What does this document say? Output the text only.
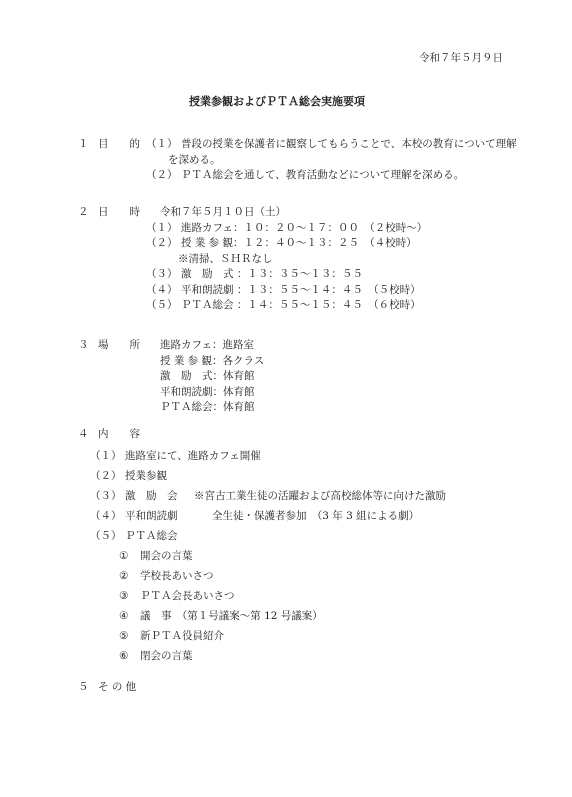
令和７年５月９日
授業参観およびＰＴＡ総会実施要項
１ 目　　的 （１） 普段の授業を保護者に観察してもらうことで、本校の教育について理解
を深める。
（２） ＰＴＡ総会を通して、教育活動などについて理解を深める。
２ 日　　時 令和７年５月１０日（土）
（１） 進路カフェ：１０：２０～１７：００　（２校時～）
（２） 授 業 参 観：１２：４０～１３：２５　（４校時）
※清掃、ＳＨＲなし
（３） 激　励　式 ：１３：３５～１３：５５
（４） 平和朗読劇 ：１３：５５～１４：４５　（５校時）
（５） ＰＴＡ総会 ：１４：５５～１５：４５　（６校時）
３ 場　　所 進路カフェ：進路室
授 業 参 観：各クラス
激　励　式：体育館
平和朗読劇：体育館
ＰＴＡ総会：体育館
４ 内　　容
（１） 進路室にて、進路カフェ開催
（２） 授業参観
（３） 激　励　会 ※宮古工業生徒の活躍および高校総体等に向けた激励
（４） 平和朗読劇	全生徒・保護者参加　（3 年 3 組による劇）
（５） ＰＴＡ総会
① 開会の言葉
② 学校長あいさつ
③ ＰＴＡ会長あいさつ
④ 議　事　（第１号議案～第 12 号議案）
⑤ 新ＰＴＡ役員紹介
⑥ 閉会の言葉
５ そ の 他
